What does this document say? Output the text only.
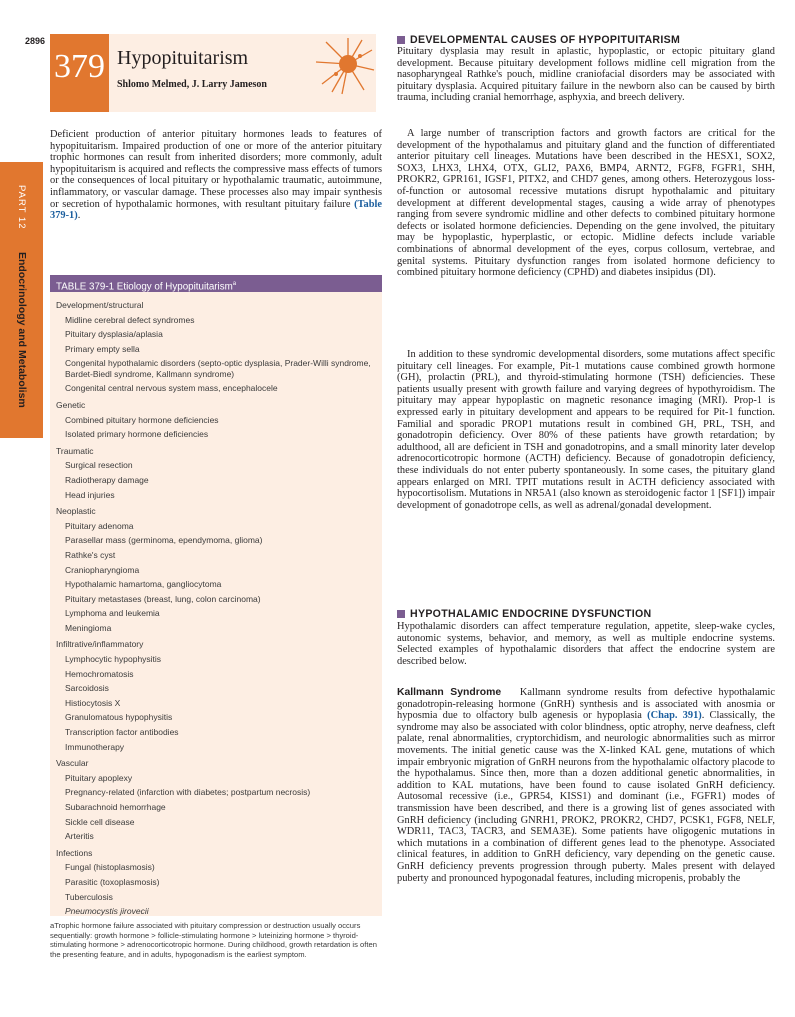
2896
379 Hypopituitarism
Shlomo Melmed, J. Larry Jameson
PART 12
Endocrinology and Metabolism
Deficient production of anterior pituitary hormones leads to features of hypopituitarism. Impaired production of one or more of the anterior pituitary trophic hormones can result from inherited disorders; more commonly, adult hypopituitarism is acquired and reflects the compressive mass effects of tumors or the consequences of local pituitary or hypothalamic traumatic, autoimmune, inflammatory, or vascular damage. These processes also may impair synthesis or secretion of hypothalamic hormones, with resultant pituitary failure (Table 379-1).
TABLE 379-1 Etiology of Hypopituitarism$^a$
Development/structural
Midline cerebral defect syndromes
Pituitary dysplasia/aplasia
Primary empty sella
Congenital hypothalamic disorders (septo-optic dysplasia, Prader-Willi syndrome, Bardet-Biedl syndrome, Kallmann syndrome)
Congenital central nervous system mass, encephalocele
Genetic
Combined pituitary hormone deficiencies
Isolated primary hormone deficiencies
Traumatic
Surgical resection
Radiotherapy damage
Head injuries
Neoplastic
Pituitary adenoma
Parasellar mass (germinoma, ependymoma, glioma)
Rathke's cyst
Craniopharyngioma
Hypothalamic hamartoma, gangliocytoma
Pituitary metastases (breast, lung, colon carcinoma)
Lymphoma and leukemia
Meningioma
Infiltrative/inflammatory
Lymphocytic hypophysitis
Hemochromatosis
Sarcoidosis
Histiocytosis X
Granulomatous hypophysitis
Transcription factor antibodies
Immunotherapy
Vascular
Pituitary apoplexy
Pregnancy-related (infarction with diabetes; postpartum necrosis)
Subarachnoid hemorrhage
Sickle cell disease
Arteritis
Infections
Fungal (histoplasmosis)
Parasitic (toxoplasmosis)
Tuberculosis
Pneumocystis jirovecii
aTrophic hormone failure associated with pituitary compression or destruction usually occurs sequentially: growth hormone > follicle-stimulating hormone > luteinizing hormone > thyroid-stimulating hormone > adrenocorticotropic hormone. During childhood, growth retardation is often the presenting feature, and in adults, hypogonadism is the earliest symptom.
DEVELOPMENTAL CAUSES OF HYPOPITUITARISM
Pituitary dysplasia may result in aplastic, hypoplastic, or ectopic pituitary gland development. Because pituitary development follows midline cell migration from the nasopharyngeal Rathke's pouch, midline craniofacial disorders may be associated with pituitary dysplasia. Acquired pituitary failure in the newborn also can be caused by birth trauma, including cranial hemorrhage, asphyxia, and breech delivery.
A large number of transcription factors and growth factors are critical for the development of the hypothalamus and pituitary gland and the function of differentiated anterior pituitary cell lineages. Mutations have been described in the HESX1, SOX2, SOX3, LHX3, LHX4, OTX, GLI2, PAX6, BMP4, ARNT2, FGF8, FGFR1, SHH, PROKR2, GPR161, IGSF1, PITX2, and CHD7 genes, among others. Heterozygous loss-of-function or autosomal recessive mutations disrupt hypothalamic and pituitary development at different developmental stages, causing a wide array of phenotypes ranging from severe syndromic midline and other defects to combined pituitary hormone defects or isolated hormone deficiencies. Depending on the gene involved, the pituitary may be hypoplastic, hyperplastic, or ectopic. Midline defects include variable combinations of abnormal development of the eyes, corpus collosum, vertebrae, and genital systems. Pituitary dysfunction ranges from isolated hormone deficiency to combined pituitary hormone deficiency (CPHD) and diabetes insipidus (DI).
In addition to these syndromic developmental disorders, some mutations affect specific pituitary cell lineages. For example, Pit-1 mutations cause combined growth hormone (GH), prolactin (PRL), and thyroid-stimulating hormone (TSH) deficiencies. These patients usually present with growth failure and varying degrees of hypothyroidism. The pituitary may appear hypoplastic on magnetic resonance imaging (MRI). Prop-1 is expressed early in pituitary development and appears to be required for Pit-1 function. Familial and sporadic PROP1 mutations result in combined GH, PRL, TSH, and gonadotropin deficiency. Over 80% of these patients have growth retardation; by adulthood, all are deficient in TSH and gonadotropins, and a small minority later develop adrenocorticotropic hormone (ACTH) deficiency. Because of gonadotropin deficiency, these individuals do not enter puberty spontaneously. In some cases, the pituitary gland appears enlarged on MRI. TPIT mutations result in ACTH deficiency associated with hypocortisolism. Mutations in NR5A1 (also known as steroidogenic factor 1 [SF1]) impair development of gonadotrope cells, as well as adrenal/gonadal development.
HYPOTHALAMIC ENDOCRINE DYSFUNCTION
Hypothalamic disorders can affect temperature regulation, appetite, sleep-wake cycles, autonomic systems, behavior, and memory, as well as multiple endocrine systems. Selected examples of hypothalamic disorders that affect the endocrine system are described below.
Kallmann Syndrome Kallmann syndrome results from defective hypothalamic gonadotropin-releasing hormone (GnRH) synthesis and is associated with anosmia or hyposmia due to olfactory bulb agenesis or hypoplasia (Chap. 391). Classically, the syndrome may also be associated with color blindness, optic atrophy, nerve deafness, cleft palate, renal abnormalities, cryptorchidism, and neurologic abnormalities such as mirror movements. The initial genetic cause was the X-linked KAL gene, mutations of which impair embryonic migration of GnRH neurons from the hypothalamic olfactory placode to the hypothalamus. Since then, more than a dozen additional genetic abnormalities, in addition to KAL mutations, have been found to cause isolated GnRH deficiency. Autosomal recessive (i.e., GPR54, KISS1) and dominant (i.e., FGFR1) modes of transmission have been described, and there is a growing list of genes associated with GnRH deficiency (including GNRH1, PROK2, PROKR2, CHD7, PCSK1, FGF8, NELF, WDR11, TAC3, TACR3, and SEMA3E). Some patients have oligogenic mutations in which mutations in a combination of different genes lead to the phenotype. Associated clinical features, in addition to GnRH deficiency, vary depending on the genetic cause. GnRH deficiency prevents progression through puberty. Males present with delayed puberty and pronounced hypogonadal features, including micropenis, probably the
